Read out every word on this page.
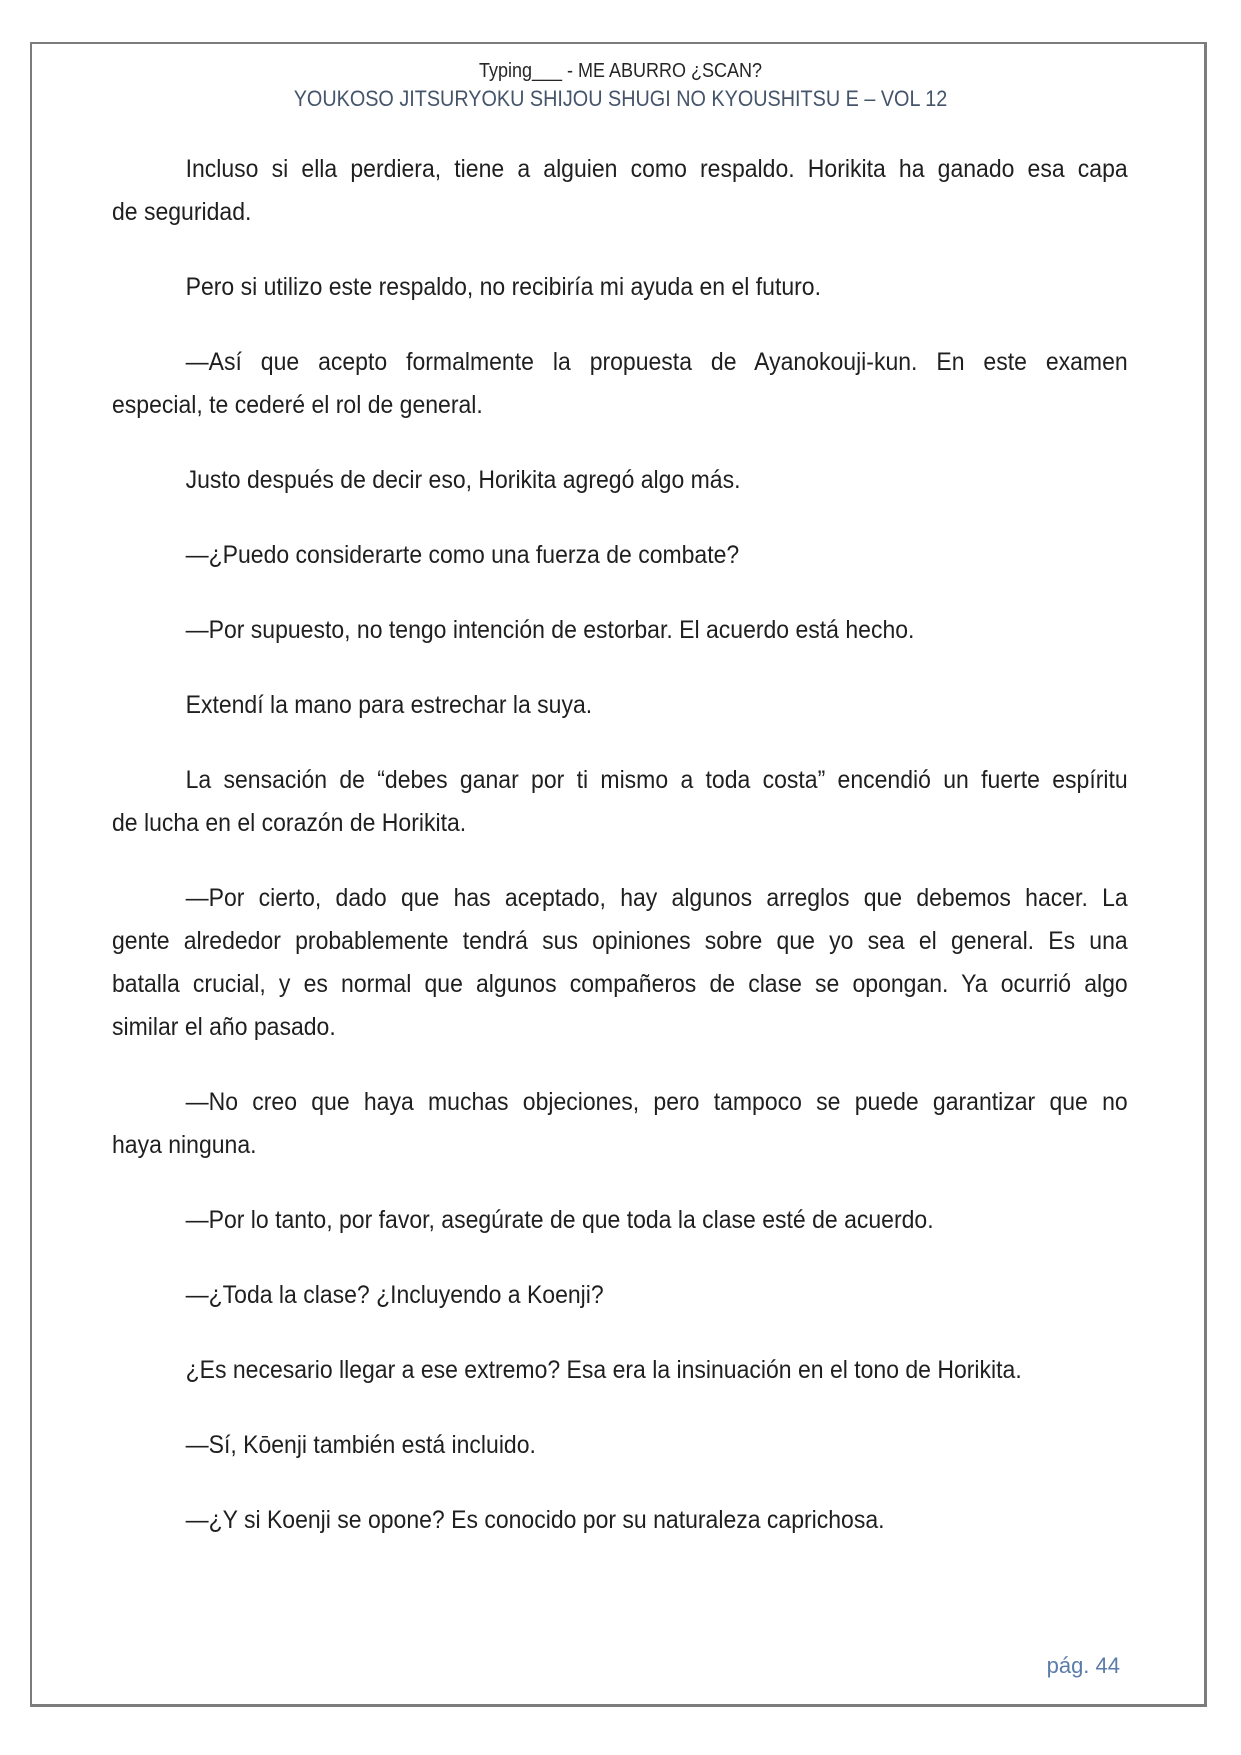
Typing___ - ME ABURRO ¿SCAN?
YOUKOSO JITSURYOKU SHIJOU SHUGI NO KYOUSHITSU E – VOL 12
Incluso si ella perdiera, tiene a alguien como respaldo. Horikita ha ganado esa capa
de seguridad.
Pero si utilizo este respaldo, no recibiría mi ayuda en el futuro.
—Así que acepto formalmente la propuesta de Ayanokouji-kun. En este examen
especial, te cederé el rol de general.
Justo después de decir eso, Horikita agregó algo más.
—¿Puedo considerarte como una fuerza de combate?
—Por supuesto, no tengo intención de estorbar. El acuerdo está hecho.
Extendí la mano para estrechar la suya.
La sensación de “debes ganar por ti mismo a toda costa” encendió un fuerte espíritu
de lucha en el corazón de Horikita.
—Por cierto, dado que has aceptado, hay algunos arreglos que debemos hacer. La
gente alrededor probablemente tendrá sus opiniones sobre que yo sea el general. Es una
batalla crucial, y es normal que algunos compañeros de clase se opongan. Ya ocurrió algo
similar el año pasado.
—No creo que haya muchas objeciones, pero tampoco se puede garantizar que no
haya ninguna.
—Por lo tanto, por favor, asegúrate de que toda la clase esté de acuerdo.
—¿Toda la clase? ¿Incluyendo a Koenji?
¿Es necesario llegar a ese extremo? Esa era la insinuación en el tono de Horikita.
—Sí, Kōenji también está incluido.
—¿Y si Koenji se opone? Es conocido por su naturaleza caprichosa.
pág. 44
